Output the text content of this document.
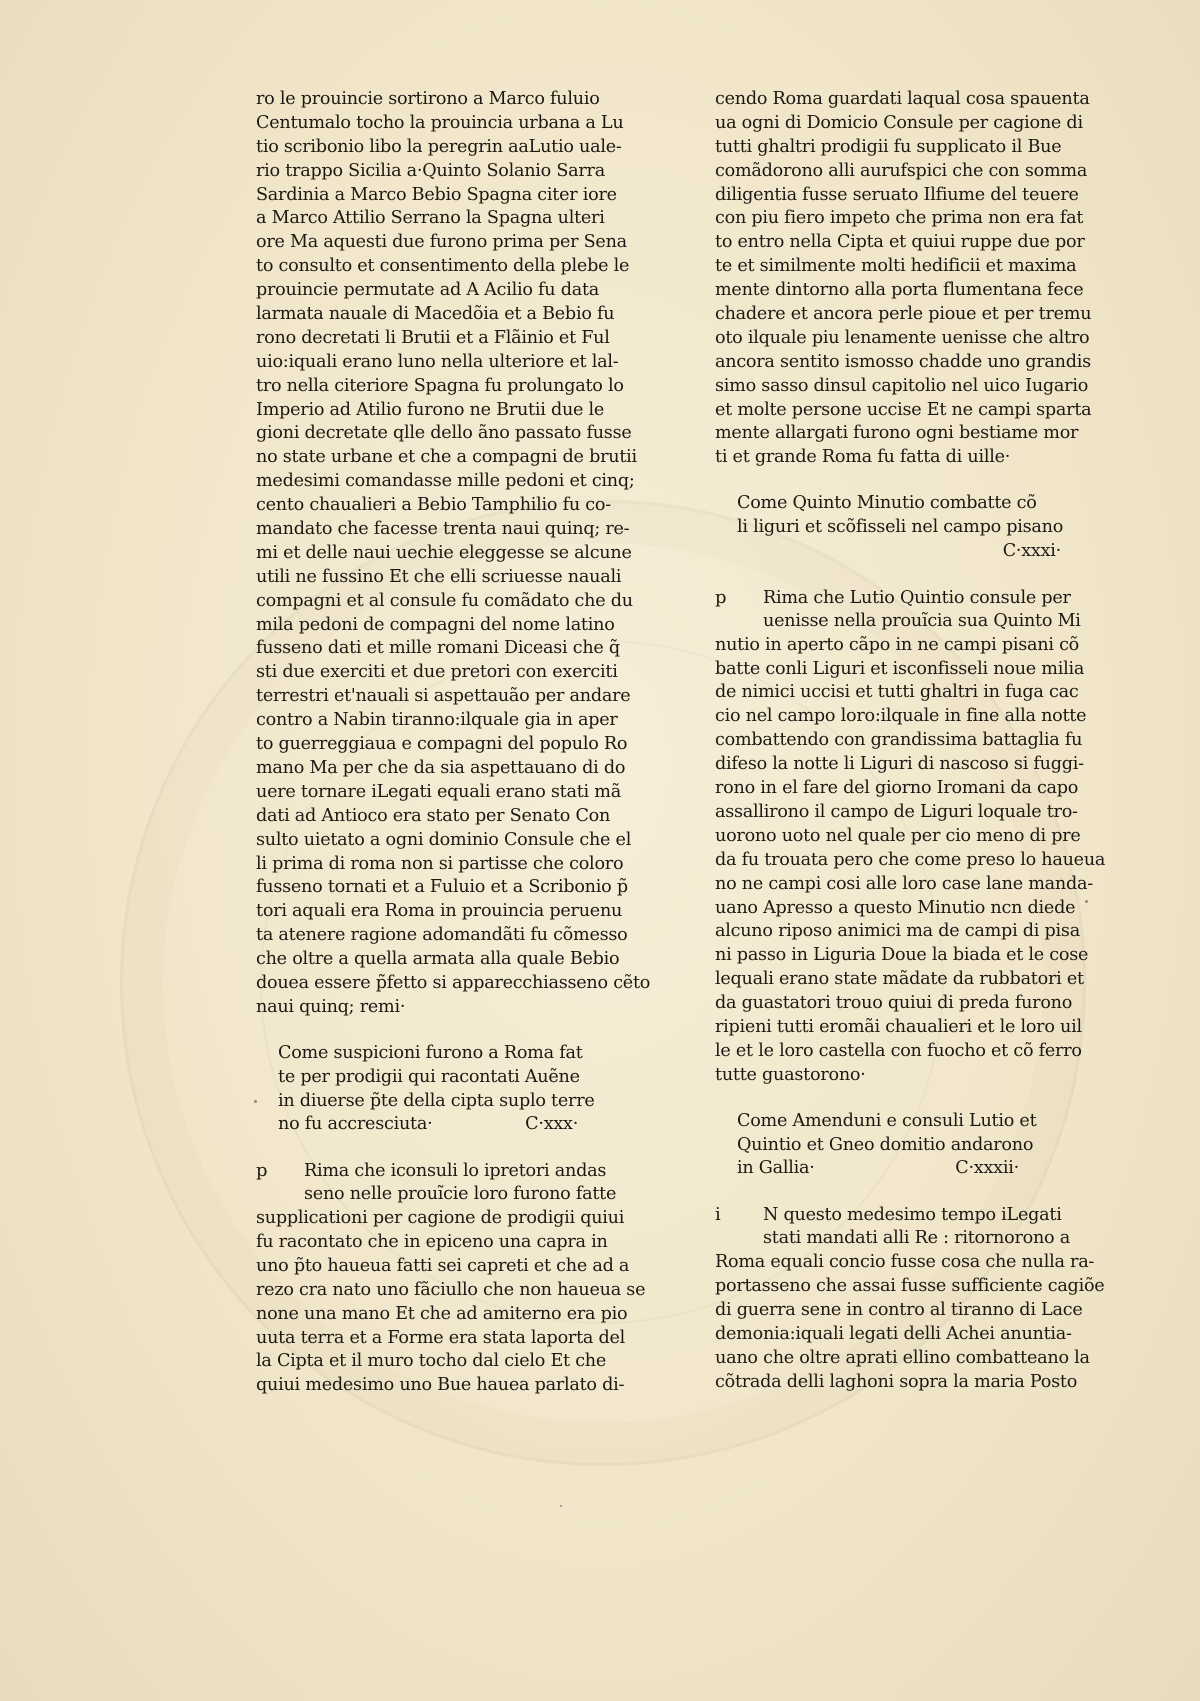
ro le prouincie sortirono a Marco fuluio
Centumalo tocho la prouincia urbana a Lu
tio scribonio libo la peregrin aaLutio uale-
rio trappo Sicilia a·Quinto Solanio Sarra
Sardinia a Marco Bebio Spagna citer iore
a Marco Attilio Serrano la Spagna ulteri
ore Ma aquesti due furono prima per Sena
to consulto et consentimento della plebe le
prouincie permutate ad A Acilio fu data
larmata nauale di Macedõia et a Bebio fu
rono decretati li Brutii et a Flãinio et Ful
uio:iquali erano luno nella ulteriore et lal-
tro nella citeriore Spagna fu prolungato lo
Imperio ad Atilio furono ne Brutii due le
gioni decretate qlle dello ãno passato fusse
no state urbane et che a compagni de brutii
medesimi comandasse mille pedoni et cinq;
cento chaualieri a Bebio Tamphilio fu co-
mandato che facesse trenta naui quinq; re-
mi et delle naui uechie eleggesse se alcune
utili ne fussino Et che elli scriuesse nauali
compagni et al consule fu comãdato che du
mila pedoni de compagni del nome latino
fusseno dati et mille romani Diceasi che q̃
sti due exerciti et due pretori con exerciti
terrestri et'nauali si aspettauão per andare
contro a Nabin tiranno:ilquale gia in aper
to guerreggiaua e compagni del populo Ro
mano Ma per che da sia aspettauano di do
uere tornare iLegati equali erano stati mã
dati ad Antioco era stato per Senato Con
sulto uietato a ogni dominio Consule che el
li prima di roma non si partisse che coloro
fusseno tornati et a Fuluio et a Scribonio p̃
tori aquali era Roma in prouincia peruenu
ta atenere ragione adomandãti fu cõmesso
che oltre a quella armata alla quale Bebio
douea essere p̃fetto si apparecchiasseno cẽto
naui quinq; remi·
Come suspicioni furono a Roma fat
te per prodigii qui racontati Auẽne
in diuerse p̃te della cipta suplo terre
no fu accresciuta·	C·xxx·
p Rima che iconsuli lo ipretori andas
seno nelle prouĩcie loro furono fatte
supplicationi per cagione de prodigii quiui
fu racontato che in epiceno una capra in
uno p̃to haueua fatti sei capreti et che ad a
rezo cra nato uno fãciullo che non haueua se
none una mano Et che ad amiterno era pio
uuta terra et a Forme era stata laporta del
la Cipta et il muro tocho dal cielo Et che
quiui medesimo uno Bue hauea parlato di-
cendo Roma guardati laqual cosa spauenta
ua ogni di Domicio Consule per cagione di
tutti ghaltri prodigii fu supplicato il Bue
comãdorono alli aurufspici che con somma
diligentia fusse seruato Ilfiume del teuere
con piu fiero impeto che prima non era fat
to entro nella Cipta et quiui ruppe due por
te et similmente molti hedificii et maxima
mente dintorno alla porta flumentana fece
chadere et ancora perle pioue et per tremu
oto ilquale piu lenamente uenisse che altro
ancora sentito ismosso chadde uno grandis
simo sasso dinsul capitolio nel uico Iugario
et molte persone uccise Et ne campi sparta
mente allargati furono ogni bestiame mor
ti et grande Roma fu fatta di uille·
Come Quinto Minutio combatte cõ
li liguri et scõfisseli nel campo pisano
C·xxxi·
p Rima che Lutio Quintio consule per
uenisse nella prouĩcia sua Quinto Mi
nutio in aperto cãpo in ne campi pisani cõ
batte conli Liguri et isconfisseli noue milia
de nimici uccisi et tutti ghaltri in fuga cac
cio nel campo loro:ilquale in fine alla notte
combattendo con grandissima battaglia fu
difeso la notte li Liguri di nascoso si fuggi-
rono in el fare del giorno Iromani da capo
assallirono il campo de Liguri loquale tro-
uorono uoto nel quale per cio meno di pre
da fu trouata pero che come preso lo haueua
no ne campi cosi alle loro case lane manda-
uano Apresso a questo Minutio ncn diede
alcuno riposo animici ma de campi di pisa
ni passo in Liguria Doue la biada et le cose
lequali erano state mãdate da rubbatori et
da guastatori trouo quiui di preda furono
ripieni tutti eromãi chaualieri et le loro uil
le et le loro castella con fuocho et cõ ferro
tutte guastorono·
Come Amenduni e consuli Lutio et
Quintio et Gneo domitio andarono
in Gallia·	C·xxxii·
i N questo medesimo tempo iLegati
stati mandati alli Re : ritornorono a
Roma equali concio fusse cosa che nulla ra-
portasseno che assai fusse sufficiente cagiõe
di guerra sene in contro al tiranno di Lace
demonia:iquali legati delli Achei anuntia-
uano che oltre aprati ellino combatteano la
cõtrada delli laghoni sopra la maria Posto
